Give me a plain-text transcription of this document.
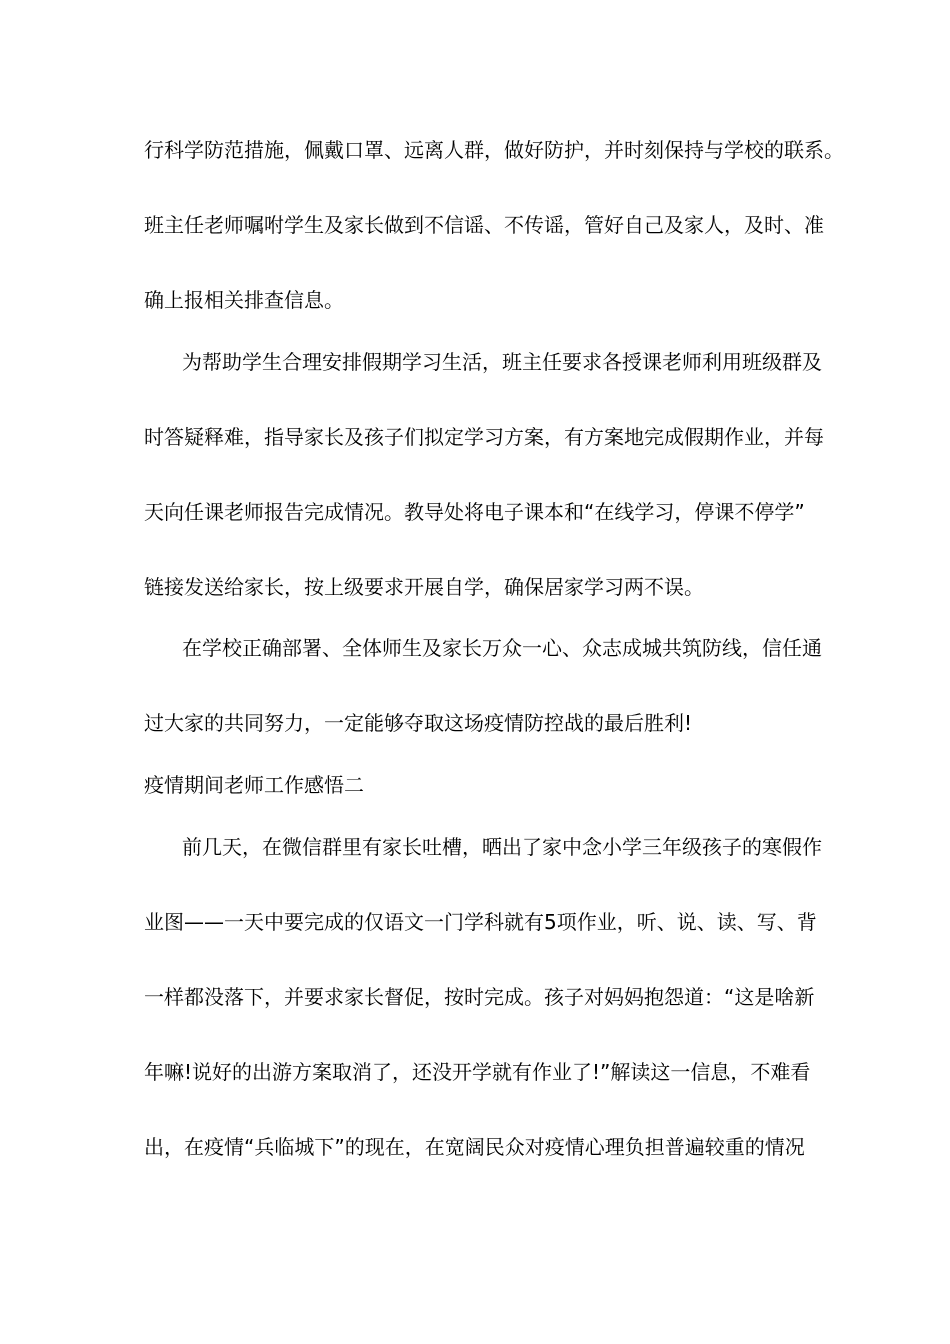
行科学防范措施，佩戴口罩、远离人群，做好防护，并时刻保持与学校的联系。
班主任老师嘱咐学生及家长做到不信谣、不传谣，管好自己及家人，及时、准
确上报相关排查信息。
为帮助学生合理安排假期学习生活，班主任要求各授课老师利用班级群及
时答疑释难，指导家长及孩子们拟定学习方案，有方案地完成假期作业，并每
天向任课老师报告完成情况。教导处将电子课本和“在线学习，停课不停学”
链接发送给家长，按上级要求开展自学，确保居家学习两不误。
在学校正确部署、全体师生及家长万众一心、众志成城共筑防线，信任通
过大家的共同努力，一定能够夺取这场疫情防控战的最后胜利!
疫情期间老师工作感悟二
前几天，在微信群里有家长吐槽，晒出了家中念小学三年级孩子的寒假作
业图——一天中要完成的仅语文一门学科就有5项作业，听、说、读、写、背
一样都没落下，并要求家长督促，按时完成。孩子对妈妈抱怨道：“这是啥新
年嘛!说好的出游方案取消了，还没开学就有作业了!”解读这一信息，不难看
出，在疫情“兵临城下”的现在，在宽阔民众对疫情心理负担普遍较重的情况
